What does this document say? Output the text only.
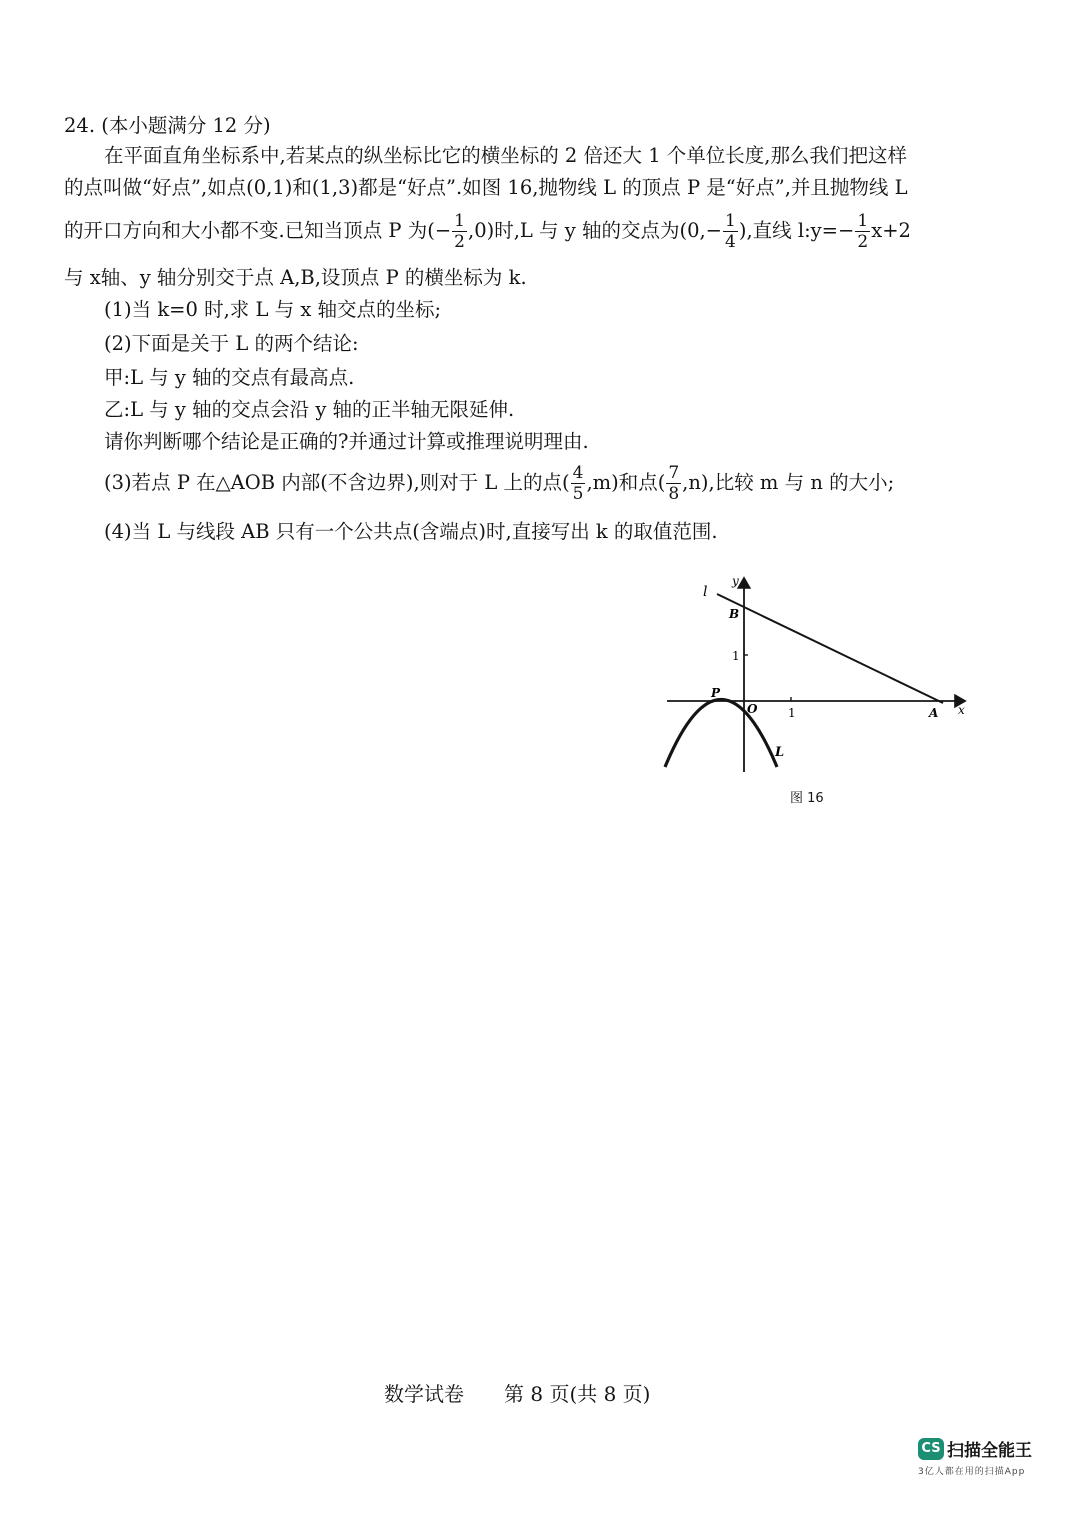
24. (本小题满分 12 分)
在平面直角坐标系中,若某点的纵坐标比它的横坐标的 2 倍还大 1 个单位长度,那么我们把这样
的点叫做“好点”,如点(0,1)和(1,3)都是“好点”.如图 16,抛物线 L 的顶点 P 是“好点”,并且抛物线 L
的开口方向和大小都不变.已知当顶点 P 为(− $\frac{1}{2} ,0$)时,L 与 y 轴的交点为($0,- \frac{1}{4}$ ),直线 l:y=− $\frac{1}{2} x+2$
与 x轴、y 轴分别交于点 A,B,设顶点 P 的横坐标为 k.
(1)当 k=0 时,求 L 与 x 轴交点的坐标;
(2)下面是关于 L 的两个结论:
甲:L 与 y 轴的交点有最高点.
乙:L 与 y 轴的交点会沿 y 轴的正半轴无限延伸.
请你判断哪个结论是正确的?并通过计算或推理说明理由.
(3)若点 P 在△AOB 内部(不含边界),则对于 L 上的点( $\frac{4}{5} ,m$)和点( $\frac{7}{8} ,n$),比较 m 与 n 的大小;
(4)当 L 与线段 AB 只有一个公共点(含端点)时,直接写出 k 的取值范围.
l
y
B
1
P
O	1	A x
L
图 16
数学试卷　　第 8 页(共 8 页)
CS 扫描全能王
3亿人都在用的扫描App
